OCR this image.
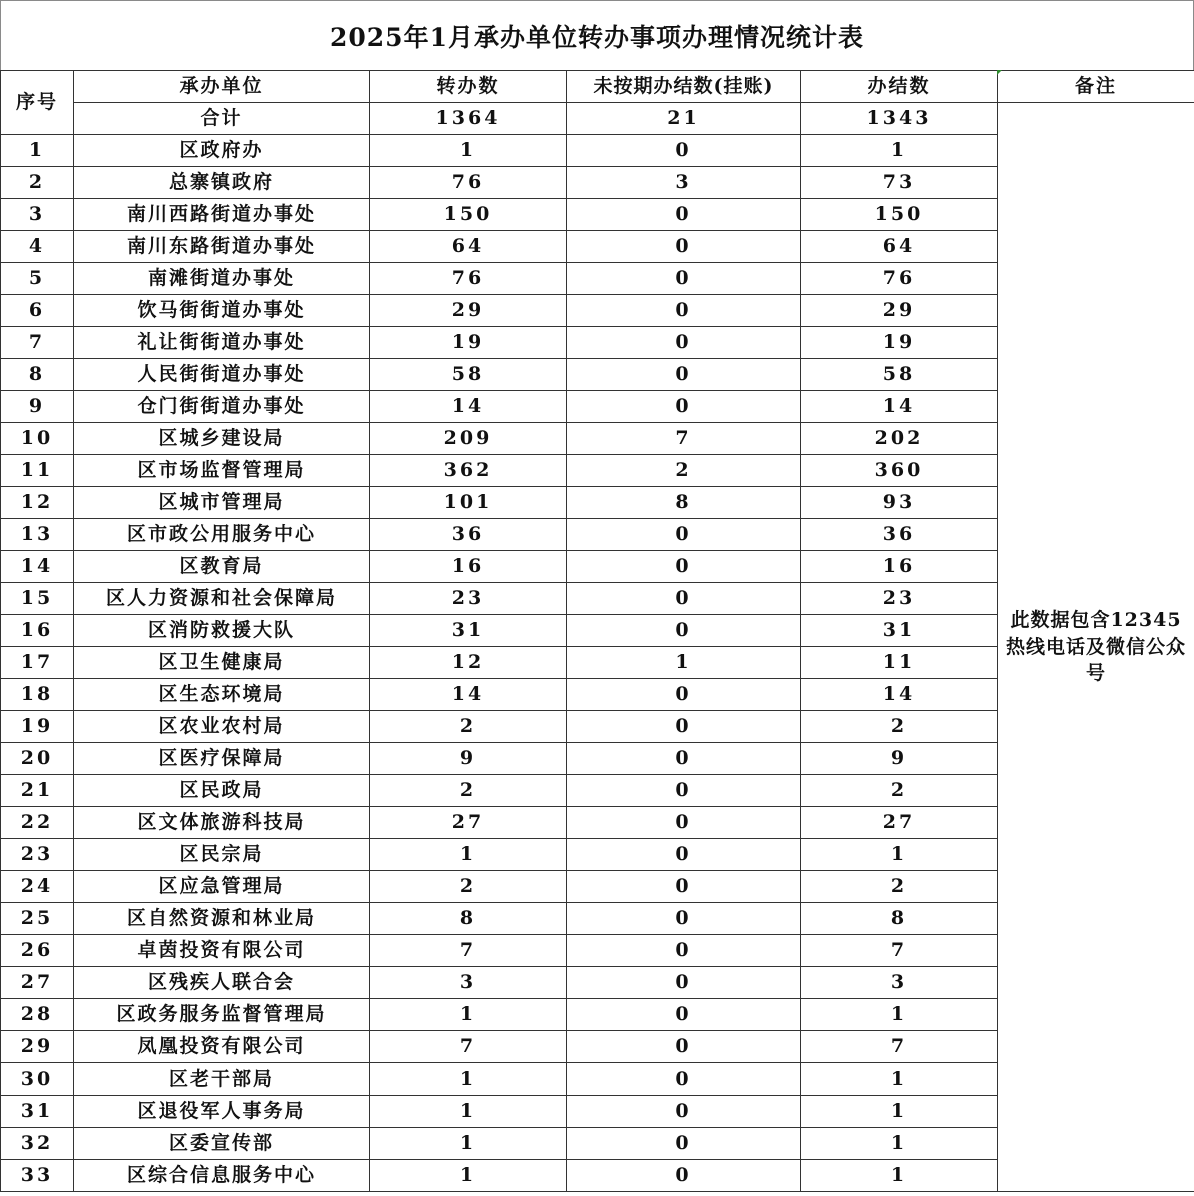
2025年1月承办单位转办事项办理情况统计表
序号	承办单位	转办数	未按期办结数(挂账)	办结数	备注
	合计	1364	21	1343	此数据包含12345热线电话及微信公众号
1	区政府办	1	0	1	
2	总寨镇政府	76	3	73	
3	南川西路街道办事处	150	0	150	
4	南川东路街道办事处	64	0	64	
5	南滩街道办事处	76	0	76	
6	饮马街街道办事处	29	0	29	
7	礼让街街道办事处	19	0	19	
8	人民街街道办事处	58	0	58	
9	仓门街街道办事处	14	0	14	
10	区城乡建设局	209	7	202	
11	区市场监督管理局	362	2	360	
12	区城市管理局	101	8	93	
13	区市政公用服务中心	36	0	36	
14	区教育局	16	0	16	
15	区人力资源和社会保障局	23	0	23	
16	区消防救援大队	31	0	31	
17	区卫生健康局	12	1	11	
18	区生态环境局	14	0	14	
19	区农业农村局	2	0	2	
20	区医疗保障局	9	0	9	
21	区民政局	2	0	2	
22	区文体旅游科技局	27	0	27	
23	区民宗局	1	0	1	
24	区应急管理局	2	0	2	
25	区自然资源和林业局	8	0	8	
26	卓茵投资有限公司	7	0	7	
27	区残疾人联合会	3	0	3	
28	区政务服务监督管理局	1	0	1	
29	凤凰投资有限公司	7	0	7	
30	区老干部局	1	0	1	
31	区退役军人事务局	1	0	1	
32	区委宣传部	1	0	1	
33	区综合信息服务中心	1	0	1	
